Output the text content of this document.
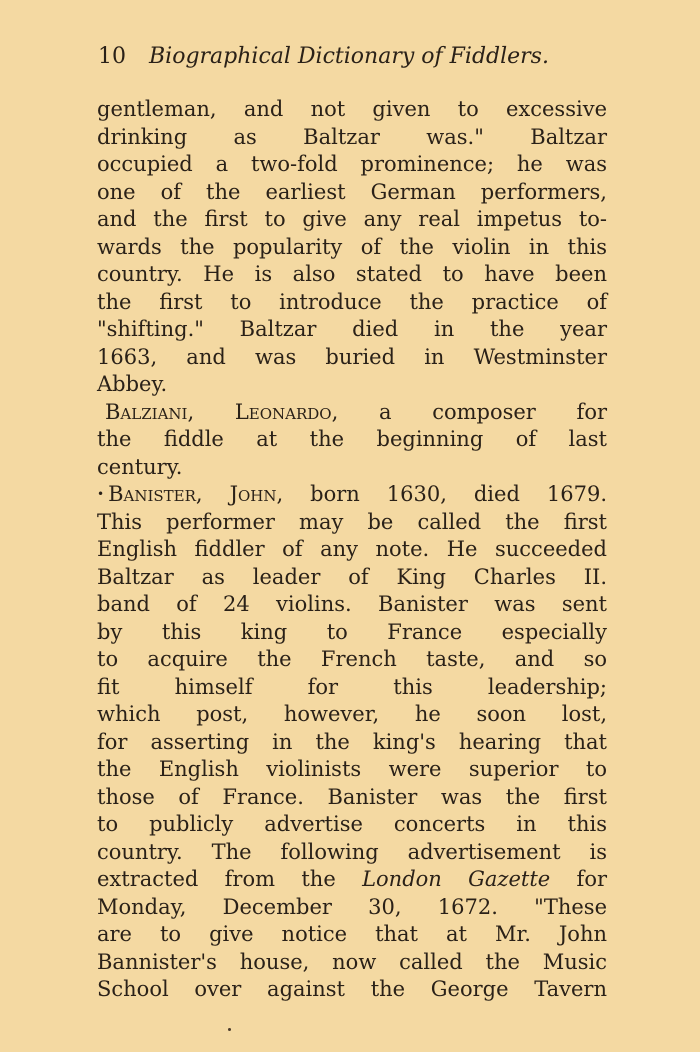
10 Biographical Dictionary of Fiddlers.
gentleman, and not given to excessive
drinking as Baltzar was." Baltzar
occupied a two-fold prominence; he was
one of the earliest German performers,
and the first to give any real impetus to-
wards the popularity of the violin in this
country. He is also stated to have been
the first to introduce the practice of
"shifting." Baltzar died in the year
1663, and was buried in Westminster
Abbey.
Balziani, Leonardo, a composer for
the fiddle at the beginning of last
century.
• Banister, John, born 1630, died 1679.
This performer may be called the first
English fiddler of any note. He succeeded
Baltzar as leader of King Charles II.
band of 24 violins. Banister was sent
by this king to France especially
to acquire the French taste, and so
fit himself for this leadership;
which post, however, he soon lost,
for asserting in the king's hearing that
the English violinists were superior to
those of France. Banister was the first
to publicly advertise concerts in this
country. The following advertisement is
extracted from the London Gazette for
Monday, December 30, 1672. "These
are to give notice that at Mr. John
Bannister's house, now called the Music
School over against the George Tavern
